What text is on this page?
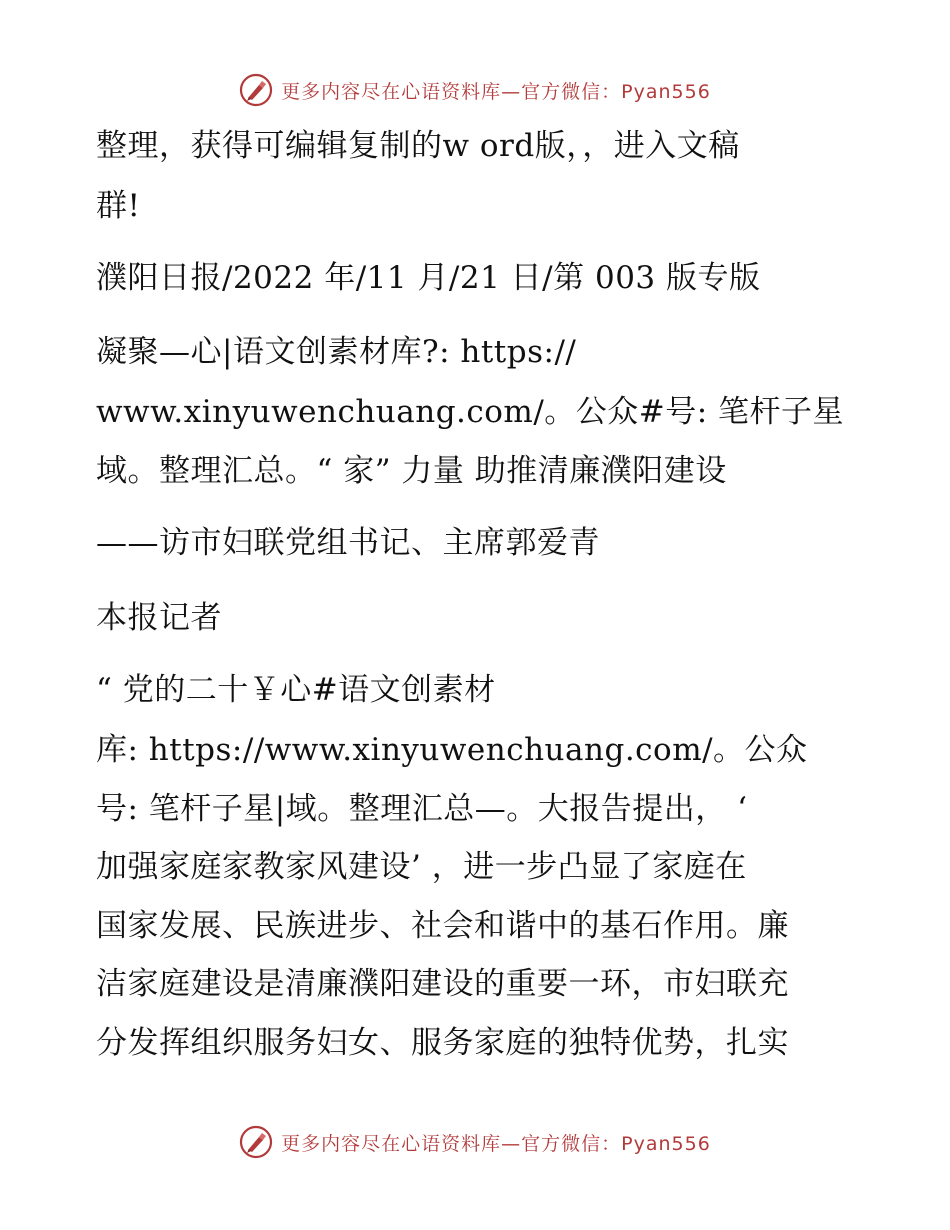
更多内容尽在心语资料库—官方微信：Pyan556
整理，获得可编辑复制的w ord版，，进入文稿
群!
濮阳日报/2022 年/11 月/21 日/第 003 版专版
凝聚—心|语文创素材库?: https://
www.xinyuwenchuang.com/。公众#号: 笔杆子星
域。整理汇总。“ 家” 力量 助推清廉濮阳建设
——访市妇联党组书记、主席郭爱青
本报记者
“ 党的二十￥心#语文创素材
库: https://www.xinyuwenchuang.com/。公众
号: 笔杆子星|域。整理汇总—。大报告提出， ‘
加强家庭家教家风建设’ ，进一步凸显了家庭在
国家发展、民族进步、社会和谐中的基石作用。廉
洁家庭建设是清廉濮阳建设的重要一环，市妇联充
分发挥组织服务妇女、服务家庭的独特优势，扎实
更多内容尽在心语资料库—官方微信：Pyan556
